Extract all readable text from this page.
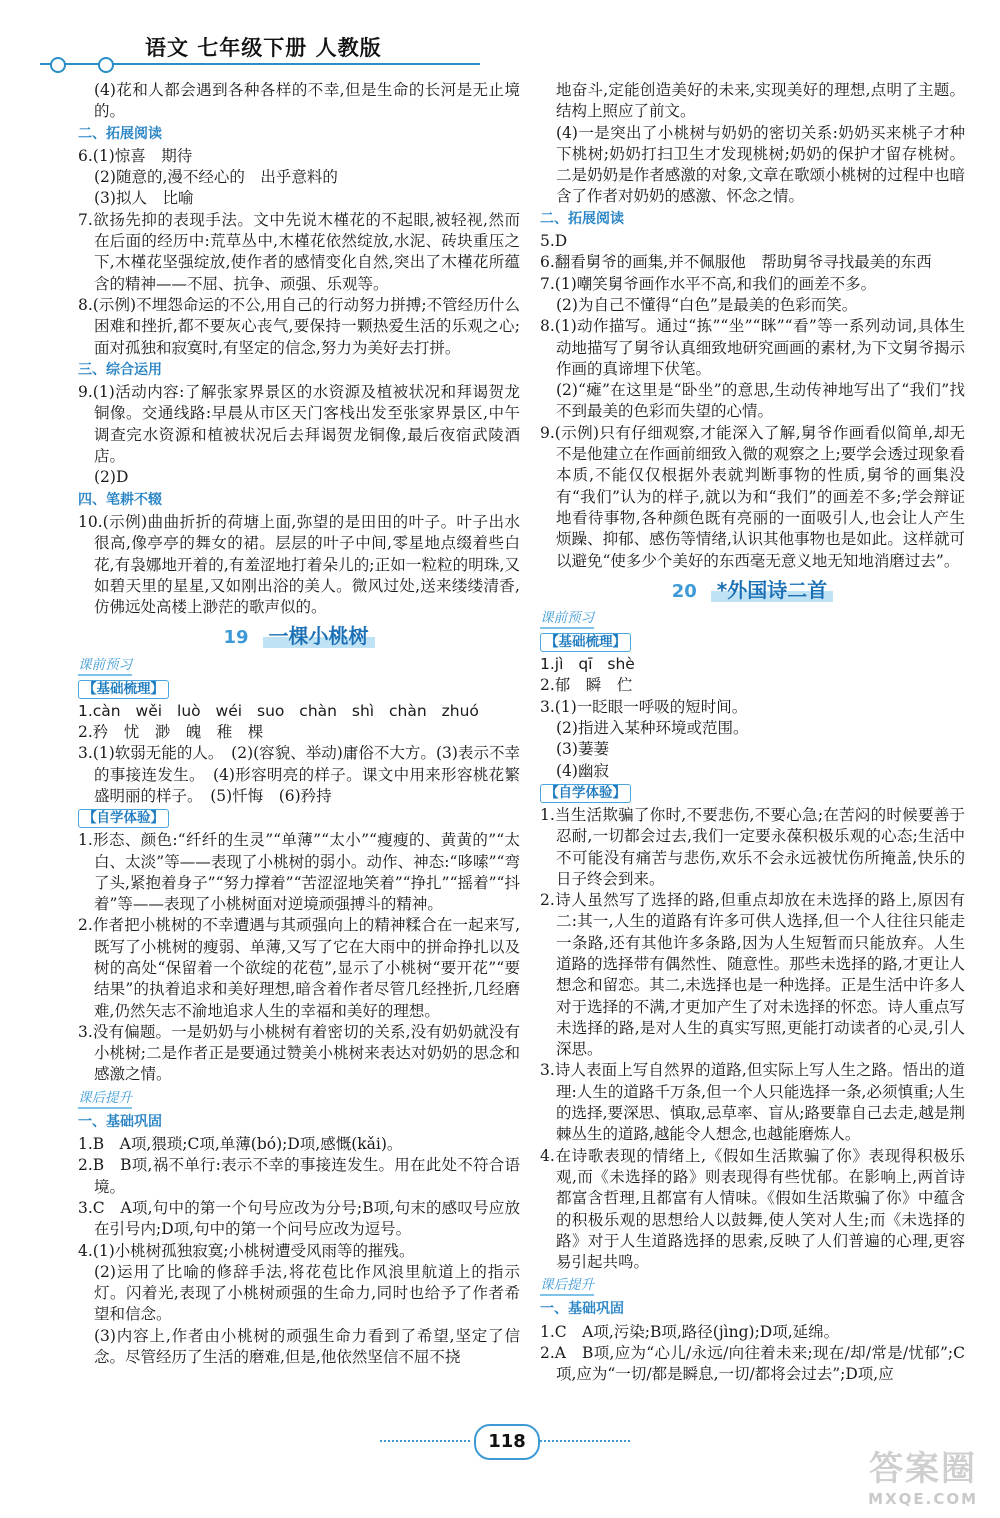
语文 七年级下册 人教版

(4)花和人都会遇到各种各样的不幸,但是生命的长河是无止境的。

二、拓展阅读

6.(1)惊喜　期待

(2)随意的,漫不经心的　出乎意料的

(3)拟人　比喻

7.欲扬先抑的表现手法。文中先说木槿花的不起眼,被轻视,然而在后面的经历中:荒草丛中,木槿花依然绽放,水泥、砖块重压之下,木槿花坚强绽放,使作者的感情变化自然,突出了木槿花所蕴含的精神——不屈、抗争、顽强、乐观等。

8.(示例)不埋怨命运的不公,用自己的行动努力拼搏;不管经历什么困难和挫折,都不要灰心丧气,要保持一颗热爱生活的乐观之心;面对孤独和寂寞时,有坚定的信念,努力为美好去打拼。

三、综合运用

9.(1)活动内容:了解张家界景区的水资源及植被状况和拜谒贺龙铜像。交通线路:早晨从市区天门客栈出发至张家界景区,中午调查完水资源和植被状况后去拜谒贺龙铜像,最后夜宿武陵酒店。

(2)D

四、笔耕不辍

10.(示例)曲曲折折的荷塘上面,弥望的是田田的叶子。叶子出水很高,像亭亭的舞女的裙。层层的叶子中间,零星地点缀着些白花,有袅娜地开着的,有羞涩地打着朵儿的;正如一粒粒的明珠,又如碧天里的星星,又如刚出浴的美人。微风过处,送来缕缕清香,仿佛远处高楼上渺茫的歌声似的。

19 一棵小桃树
课前预习
【基础梳理】

1.càn wěi luò wéi suo chàn shì chàn zhuó

2.矜　忧　渺　魄　稚　棵

3.(1)软弱无能的人。　(2)(容貌、举动)庸俗不大方。(3)表示不幸的事接连发生。　(4)形容明亮的样子。课文中用来形容桃花繁盛明丽的样子。　(5)忏悔　(6)矜持

【自学体验】

1.形态、颜色:“纤纤的生灵”“单薄”“太小”“瘦瘦的、黄黄的”“太白、太淡”等——表现了小桃树的弱小。动作、神态:“哆嗦”“弯了头,紧抱着身子”“努力撑着”“苦涩涩地笑着”“挣扎”“摇着”“抖着”等——表现了小桃树面对逆境顽强搏斗的精神。

2.作者把小桃树的不幸遭遇与其顽强向上的精神糅合在一起来写,既写了小桃树的瘦弱、单薄,又写了它在大雨中的拼命挣扎以及树的高处“保留着一个欲绽的花苞”,显示了小桃树“要开花”“要结果”的执着追求和美好理想,暗含着作者尽管几经挫折,几经磨难,仍然矢志不渝地追求人生的幸福和美好的理想。

3.没有偏题。一是奶奶与小桃树有着密切的关系,没有奶奶就没有小桃树;二是作者正是要通过赞美小桃树来表达对奶奶的思念和感激之情。

课后提升

一、基础巩固

1.B　A项,猥琐;C项,单薄(bó);D项,感慨(kǎi)。

2.B　B项,祸不单行:表示不幸的事接连发生。用在此处不符合语境。

3.C　A项,句中的第一个句号应改为分号;B项,句末的感叹号应放在引号内;D项,句中的第一个问号应改为逗号。

4.(1)小桃树孤独寂寞;小桃树遭受风雨等的摧残。

(2)运用了比喻的修辞手法,将花苞比作风浪里航道上的指示灯。闪着光,表现了小桃树顽强的生命力,同时也给予了作者希望和信念。

(3)内容上,作者由小桃树的顽强生命力看到了希望,坚定了信念。尽管经历了生活的磨难,但是,他依然坚信不屈不挠

地奋斗,定能创造美好的未来,实现美好的理想,点明了主题。结构上照应了前文。

(4)一是突出了小桃树与奶奶的密切关系:奶奶买来桃子才种下桃树;奶奶打扫卫生才发现桃树;奶奶的保护才留存桃树。二是奶奶是作者感激的对象,文章在歌颂小桃树的过程中也暗含了作者对奶奶的感激、怀念之情。

二、拓展阅读

5.D

6.翻看舅爷的画集,并不佩服他　帮助舅爷寻找最美的东西

7.(1)嘲笑舅爷画作水平不高,和我们的画差不多。

(2)为自己不懂得“白色”是最美的色彩而笑。

8.(1)动作描写。通过“拣”“坐”“眯”“看”等一系列动词,具体生动地描写了舅爷认真细致地研究画画的素材,为下文舅爷揭示作画的真谛埋下伏笔。

(2)“瘫”在这里是“卧坐”的意思,生动传神地写出了“我们”找不到最美的色彩而失望的心情。

9.(示例)只有仔细观察,才能深入了解,舅爷作画看似简单,却无不是他建立在作画前细致入微的观察之上;要学会透过现象看本质,不能仅仅根据外表就判断事物的性质,舅爷的画集没有“我们”认为的样子,就以为和“我们”的画差不多;学会辩证地看待事物,各种颜色既有亮丽的一面吸引人,也会让人产生烦躁、抑郁、感伤等情绪,认识其他事物也是如此。这样就可以避免“使多少个美好的东西毫无意义地无知地消磨过去”。

20 *外国诗二首
课前预习
【基础梳理】

1.jì qī shè

2.郁　瞬　伫

3.(1)一眨眼一呼吸的短时间。

(2)指进入某种环境或范围。

(3)萋萋

(4)幽寂

【自学体验】

1.当生活欺骗了你时,不要悲伤,不要心急;在苦闷的时候要善于忍耐,一切都会过去,我们一定要永葆积极乐观的心态;生活中不可能没有痛苦与悲伤,欢乐不会永远被忧伤所掩盖,快乐的日子终会到来。

2.诗人虽然写了选择的路,但重点却放在未选择的路上,原因有二:其一,人生的道路有许多可供人选择,但一个人往往只能走一条路,还有其他许多条路,因为人生短暂而只能放弃。人生道路的选择带有偶然性、随意性。那些未选择的路,才更让人想念和留恋。其二,未选择也是一种选择。正是生活中许多人对于选择的不满,才更加产生了对未选择的怀恋。诗人重点写未选择的路,是对人生的真实写照,更能打动读者的心灵,引人深思。

3.诗人表面上写自然界的道路,但实际上写人生之路。悟出的道理:人生的道路千万条,但一个人只能选择一条,必须慎重;人生的选择,要深思、慎取,忌草率、盲从;路要靠自己去走,越是荆棘丛生的道路,越能令人想念,也越能磨炼人。

4.在诗歌表现的情绪上,《假如生活欺骗了你》表现得积极乐观,而《未选择的路》则表现得有些忧郁。在影响上,两首诗都富含哲理,且都富有人情味。《假如生活欺骗了你》中蕴含的积极乐观的思想给人以鼓舞,使人笑对人生;而《未选择的路》对于人生道路选择的思索,反映了人们普遍的心理,更容易引起共鸣。

课后提升

一、基础巩固

1.C　A项,污染;B项,路径(jìng);D项,延绵。

2.A　B项,应为“心儿/永远/向往着未来;现在/却/常是/忧郁”;C项,应为“一切/都是瞬息,一切/都将会过去”;D项,应

118
答案圈
MXQE.COM
